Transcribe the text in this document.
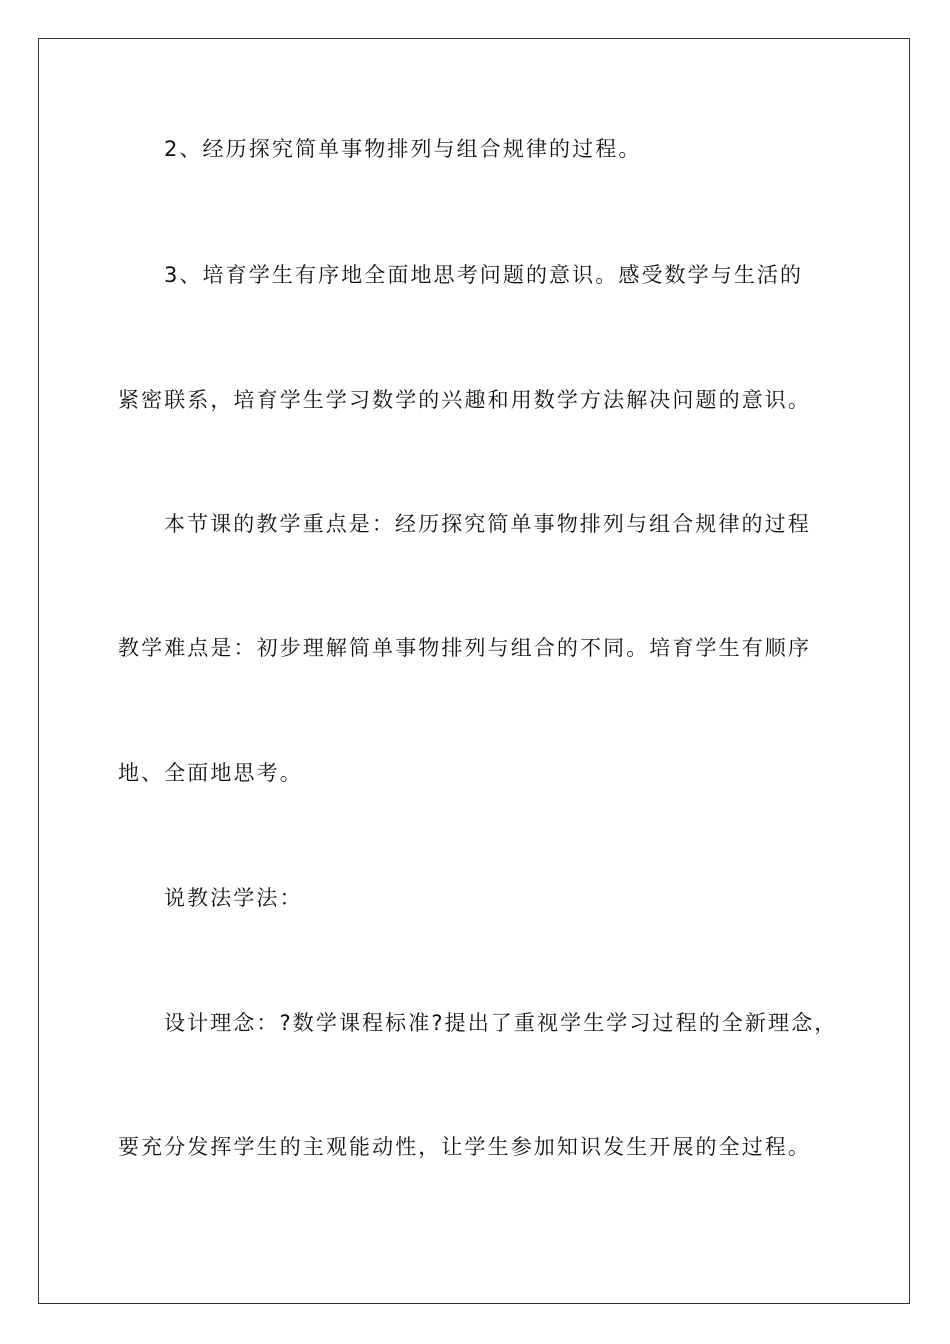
2、经历探究简单事物排列与组合规律的过程。
3、培育学生有序地全面地思考问题的意识。感受数学与生活的
紧密联系，培育学生学习数学的兴趣和用数学方法解决问题的意识。
本节课的教学重点是：经历探究简单事物排列与组合规律的过程
教学难点是：初步理解简单事物排列与组合的不同。培育学生有顺序
地、全面地思考。
说教法学法：
设计理念：?数学课程标准?提出了重视学生学习过程的全新理念，
要充分发挥学生的主观能动性，让学生参加知识发生开展的全过程。
